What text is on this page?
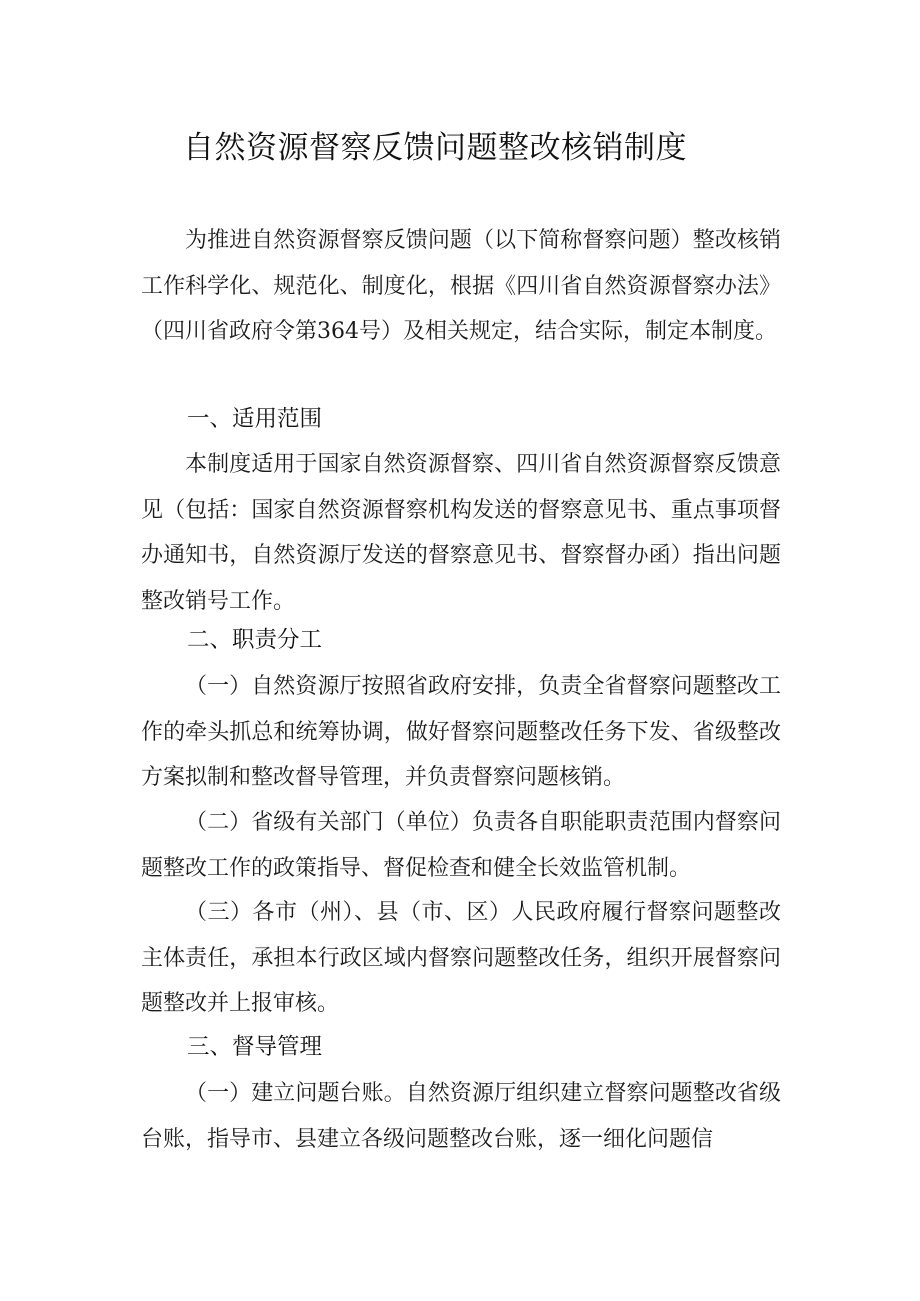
自然资源督察反馈问题整改核销制度

为推进自然资源督察反馈问题（以下简称督察问题）整改核销工作科学化、规范化、制度化，根据《四川省自然资源督察办法》（四川省政府令第364号）及相关规定，结合实际，制定本制度。

一、适用范围

本制度适用于国家自然资源督察、四川省自然资源督察反馈意见（包括：国家自然资源督察机构发送的督察意见书、重点事项督办通知书，自然资源厅发送的督察意见书、督察督办函）指出问题整改销号工作。

二、职责分工

（一）自然资源厅按照省政府安排，负责全省督察问题整改工作的牵头抓总和统筹协调，做好督察问题整改任务下发、省级整改方案拟制和整改督导管理，并负责督察问题核销。

（二）省级有关部门（单位）负责各自职能职责范围内督察问题整改工作的政策指导、督促检查和健全长效监管机制。

（三）各市（州）、县（市、区）人民政府履行督察问题整改主体责任，承担本行政区域内督察问题整改任务，组织开展督察问题整改并上报审核。

三、督导管理

（一）建立问题台账。自然资源厅组织建立督察问题整改省级台账，指导市、县建立各级问题整改台账，逐一细化问题信
